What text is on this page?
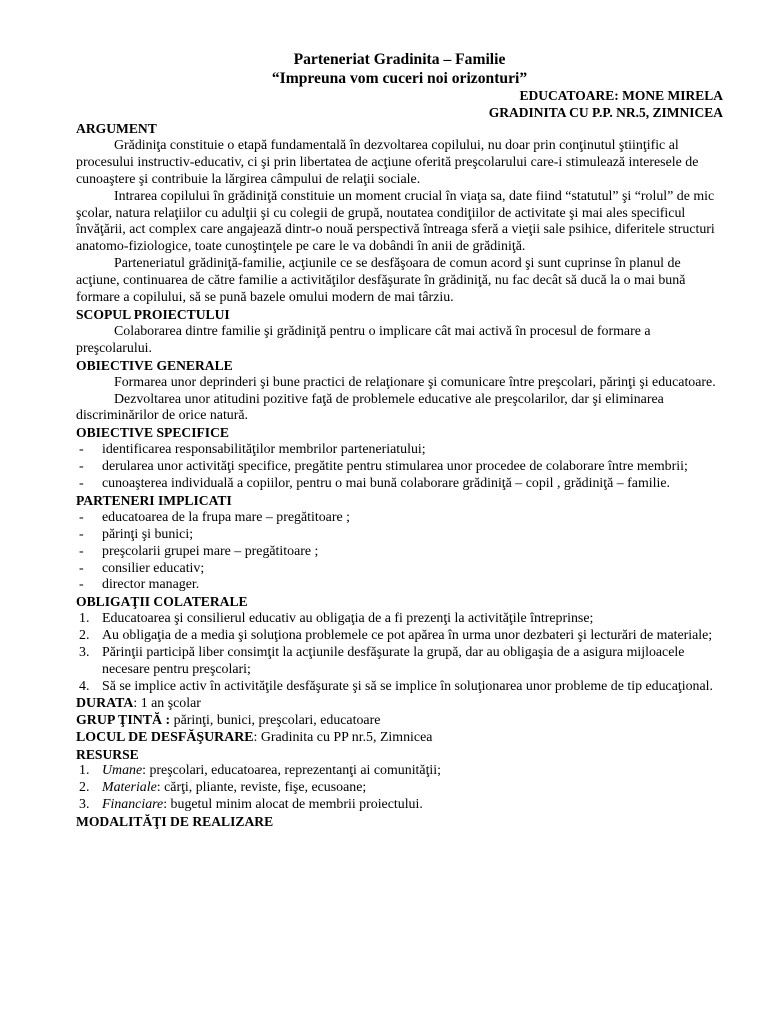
Parteneriat Gradinita – Familie

“Impreuna vom cuceri noi orizonturi”

EDUCATOARE: MONE MIRELA

GRADINITA CU P.P. NR.5, ZIMNICEA

ARGUMENT

Grădiniţa constituie o etapă fundamentală în dezvoltarea copilului, nu doar prin conţinutul ştiinţific al procesului instructiv-educativ, ci şi prin libertatea de acţiune oferită preşcolarului care-i stimulează interesele de cunoaştere şi contribuie la lărgirea câmpului de relaţii sociale.

Intrarea copilului în grădiniţă constituie un moment crucial în viaţa sa, date fiind “statutul” şi “rolul” de mic şcolar, natura relaţiilor cu adulţii şi cu colegii de grupă, noutatea condiţiilor de activitate şi mai ales specificul învăţării, act complex care angajează dintr-o nouă perspectivă întreaga sferă a vieţii sale psihice, diferitele structuri anatomo-fiziologice, toate cunoştinţele pe care le va dobândi în anii de grădiniţă.

Parteneriatul grădiniţă-familie, acţiunile ce se desfăşoara de comun acord şi sunt cuprinse în planul de acţiune, continuarea de către familie a activităţilor desfăşurate în grădiniţă, nu fac decât să ducă la o mai bună formare a copilului, să se pună bazele omului modern de mai târziu.

SCOPUL PROIECTULUI

Colaborarea dintre familie şi grădiniţă pentru o implicare cât mai activă în procesul de formare a preşcolarului.

OBIECTIVE GENERALE

Formarea unor deprinderi şi bune practici de relaţionare şi comunicare între preşcolari, părinţi şi educatoare.

Dezvoltarea unor atitudini pozitive faţă de problemele educative ale preşcolarilor, dar şi eliminarea discriminărilor de orice natură.

OBIECTIVE SPECIFICE

- identificarea responsabilităţilor membrilor parteneriatului;
- derularea unor activităţi specifice, pregătite pentru stimularea unor procedee de colaborare între membrii;
- cunoaşterea individuală a copiilor, pentru o mai bună colaborare grădiniţă – copil , grădiniţă – familie.

PARTENERI IMPLICATI

- educatoarea de la frupa mare – pregătitoare ;
- părinţi şi bunici;
- preşcolarii grupei mare – pregătitoare ;
- consilier educativ;
- director manager.

OBLIGAŢII COLATERALE

1. Educatoarea şi consilierul educativ au obligaţia de a fi prezenţi la activităţile întreprinse;
2. Au obligaţia de a media şi soluţiona problemele ce pot apărea în urma unor dezbateri şi lecturări de materiale;
3. Părinţii participă liber consimţit la acţiunile desfăşurate la grupă, dar au obligaşia de a asigura mijloacele necesare pentru preşcolari;
4. Să se implice activ în activităţile desfăşurate şi să se implice în soluţionarea unor probleme de tip educaţional.

DURATA: 1 an şcolar

GRUP ŢINTĂ : părinţi, bunici, preşcolari, educatoare

LOCUL DE DESFĂŞURARE: Gradinita cu PP nr.5, Zimnicea

RESURSE

1. Umane: preşcolari, educatoarea, reprezentanţi ai comunităţii;
2. Materiale: cărţi, pliante, reviste, fişe, ecusoane;
3. Financiare: bugetul minim alocat de membrii proiectului.

MODALITĂŢI DE REALIZARE
